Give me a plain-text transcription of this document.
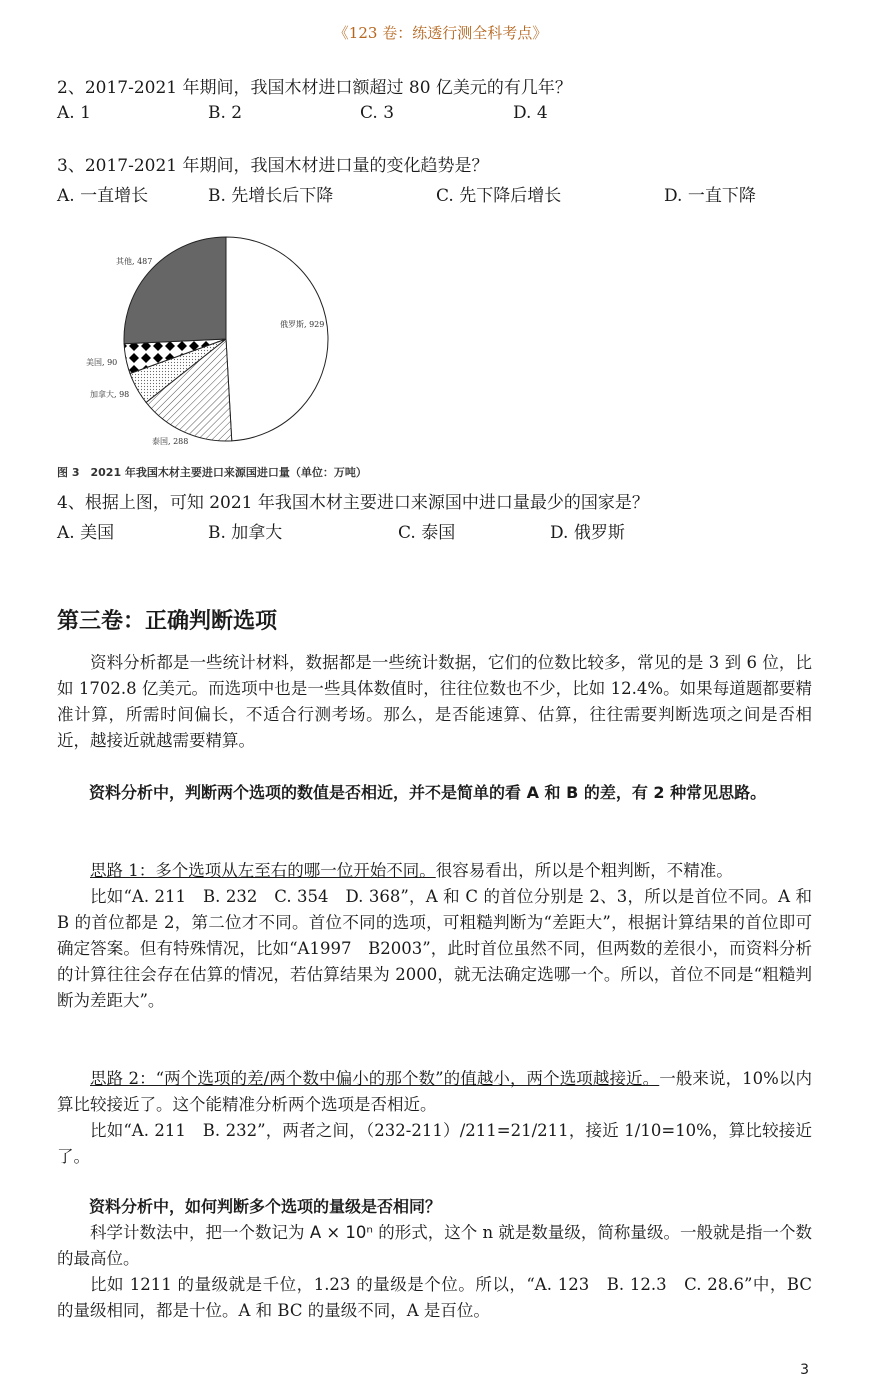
《123 卷：练透行测全科考点》
2、2017-2021 年期间，我国木材进口额超过 80 亿美元的有几年？
A. 1	B. 2	C. 3	D. 4
3、2017-2021 年期间，我国木材进口量的变化趋势是？
A. 一直增长	B. 先增长后下降	C. 先下降后增长	D. 一直下降
俄罗斯, 929
泰国, 288
加拿大, 98
美国, 90
其他, 487
图 3　2021 年我国木材主要进口来源国进口量（单位：万吨）
4、根据上图，可知 2021 年我国木材主要进口来源国中进口量最少的国家是？
A. 美国	B. 加拿大	C. 泰国	D. 俄罗斯
第三卷：正确判断选项

资料分析都是一些统计材料，数据都是一些统计数据，它们的位数比较多，常见的是 3 到 6 位，比如 1702.8 亿美元。而选项中也是一些具体数值时，往往位数也不少，比如 12.4%。如果每道题都要精准计算，所需时间偏长，不适合行测考场。那么，是否能速算、估算，往往需要判断选项之间是否相近，越接近就越需要精算。

资料分析中，判断两个选项的数值是否相近，并不是简单的看 A 和 B 的差，有 2 种常见思路。

思路 1：多个选项从左至右的哪一位开始不同。很容易看出，所以是个粗判断，不精准。

比如“A. 211　B. 232　C. 354　D. 368”，A 和 C 的首位分别是 2、3，所以是首位不同。A 和 B 的首位都是 2，第二位才不同。首位不同的选项，可粗糙判断为“差距大”，根据计算结果的首位即可确定答案。但有特殊情况，比如“A1997　B2003”，此时首位虽然不同，但两数的差很小，而资料分析的计算往往会存在估算的情况，若估算结果为 2000，就无法确定选哪一个。所以，首位不同是“粗糙判断为差距大”。

思路 2：“两个选项的差/两个数中偏小的那个数”的值越小，两个选项越接近。一般来说，10%以内算比较接近了。这个能精准分析两个选项是否相近。

比如“A. 211　B. 232”，两者之间，（232-211）/211=21/211，接近 1/10=10%，算比较接近了。

资料分析中，如何判断多个选项的量级是否相同？

科学计数法中，把一个数记为 A × 10ⁿ 的形式，这个 n 就是数量级，简称量级。一般就是指一个数的最高位。

比如 1211 的量级就是千位，1.23 的量级是个位。所以，“A. 123　B. 12.3　C. 28.6”中，BC 的量级相同，都是十位。A 和 BC 的量级不同，A 是百位。

3
